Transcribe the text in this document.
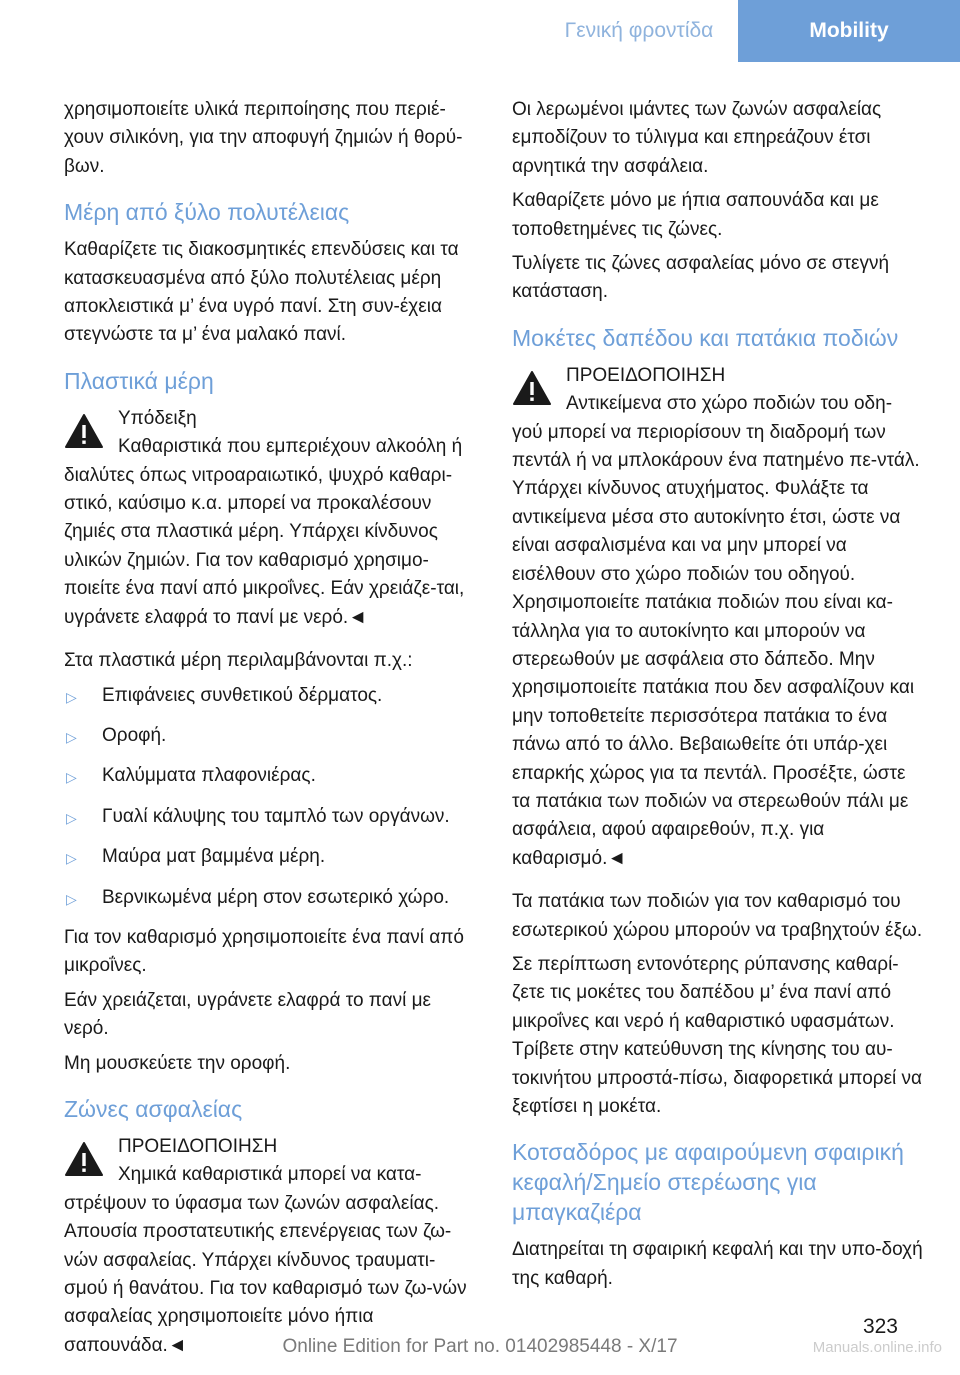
Γενική φροντίδα	Mobility

χρησιμοποιείτε υλικά περιποίησης που περιέ-χουν σιλικόνη, για την αποφυγή ζημιών ή θορύ-βων.

Μέρη από ξύλο πολυτέλειας

Καθαρίζετε τις διακοσμητικές επενδύσεις και τα κατασκευασμένα από ξύλο πολυτέλειας μέρη αποκλειστικά μ’ ένα υγρό πανί. Στη συν-έχεια στεγνώστε τα μ’ ένα μαλακό πανί.

Πλαστικά μέρη
Υπόδειξη
Καθαριστικά που εμπεριέχουν αλκοόλη ή
διαλύτες όπως νιτροαραιωτικό, ψυχρό καθαρι-στικό, καύσιμο κ.α. μπορεί να προκαλέσουν ζημιές στα πλαστικά μέρη. Υπάρχει κίνδυνος υλικών ζημιών. Για τον καθαρισμό χρησιμο-ποιείτε ένα πανί από μικροΐνες. Εάν χρειάζε-ται, υγράνετε ελαφρά το πανί με νερό.◄

Στα πλαστικά μέρη περιλαμβάνονται π.χ.:

▷	Επιφάνειες συνθετικού δέρματος.
▷	Οροφή.
▷	Καλύμματα πλαφονιέρας.
▷	Γυαλί κάλυψης του ταμπλό των οργάνων.
▷	Μαύρα ματ βαμμένα μέρη.
▷	Βερνικωμένα μέρη στον εσωτερικό χώρο.

Για τον καθαρισμό χρησιμοποιείτε ένα πανί από μικροΐνες.

Εάν χρειάζεται, υγράνετε ελαφρά το πανί με νερό.

Μη μουσκεύετε την οροφή.

Ζώνες ασφαλείας
ΠΡΟΕΙΔΟΠΟΙΗΣΗ
Χημικά καθαριστικά μπορεί να κατα-
στρέψουν το ύφασμα των ζωνών ασφαλείας. Απουσία προστατευτικής επενέργειας των ζω-νών ασφαλείας. Υπάρχει κίνδυνος τραυματι-σμού ή θανάτου. Για τον καθαρισμό των ζω-νών ασφαλείας χρησιμοποιείτε μόνο ήπια σαπουνάδα.◄

Οι λερωμένοι ιμάντες των ζωνών ασφαλείας εμποδίζουν το τύλιγμα και επηρεάζουν έτσι αρνητικά την ασφάλεια.

Καθαρίζετε μόνο με ήπια σαπουνάδα και με τοποθετημένες τις ζώνες.

Τυλίγετε τις ζώνες ασφαλείας μόνο σε στεγνή κατάσταση.

Μοκέτες δαπέδου και πατάκια ποδιών
ΠΡΟΕΙΔΟΠΟΙΗΣΗ
Αντικείμενα στο χώρο ποδιών του οδη-
γού μπορεί να περιορίσουν τη διαδρομή των πεντάλ ή να μπλοκάρουν ένα πατημένο πε-ντάλ. Υπάρχει κίνδυνος ατυχήματος. Φυλάξτε τα αντικείμενα μέσα στο αυτοκίνητο έτσι, ώστε να είναι ασφαλισμένα και να μην μπορεί να εισέλθουν στο χώρο ποδιών του οδηγού. Χρησιμοποιείτε πατάκια ποδιών που είναι κα-τάλληλα για το αυτοκίνητο και μπορούν να στερεωθούν με ασφάλεια στο δάπεδο. Μην χρησιμοποιείτε πατάκια που δεν ασφαλίζουν και μην τοποθετείτε περισσότερα πατάκια το ένα πάνω από το άλλο. Βεβαιωθείτε ότι υπάρ-χει επαρκής χώρος για τα πεντάλ. Προσέξτε, ώστε τα πατάκια των ποδιών να στερεωθούν πάλι με ασφάλεια, αφού αφαιρεθούν, π.χ. για καθαρισμό.◄

Τα πατάκια των ποδιών για τον καθαρισμό του εσωτερικού χώρου μπορούν να τραβηχτούν έξω.

Σε περίπτωση εντονότερης ρύπανσης καθαρί-ζετε τις μοκέτες του δαπέδου μ’ ένα πανί από μικροΐνες και νερό ή καθαριστικό υφασμάτων. Τρίβετε στην κατεύθυνση της κίνησης του αυ-τοκινήτου μπροστά-πίσω, διαφορετικά μπορεί να ξεφτίσει η μοκέτα.

Κοτσαδόρος με αφαιρούμενη σφαιρική κεφαλή/Σημείο στερέωσης για μπαγκαζιέρα

Διατηρείται τη σφαιρική κεφαλή και την υπο-δοχή της καθαρή.

323
Online Edition for Part no. 01402985448 - X/17	Manuals.online.info
